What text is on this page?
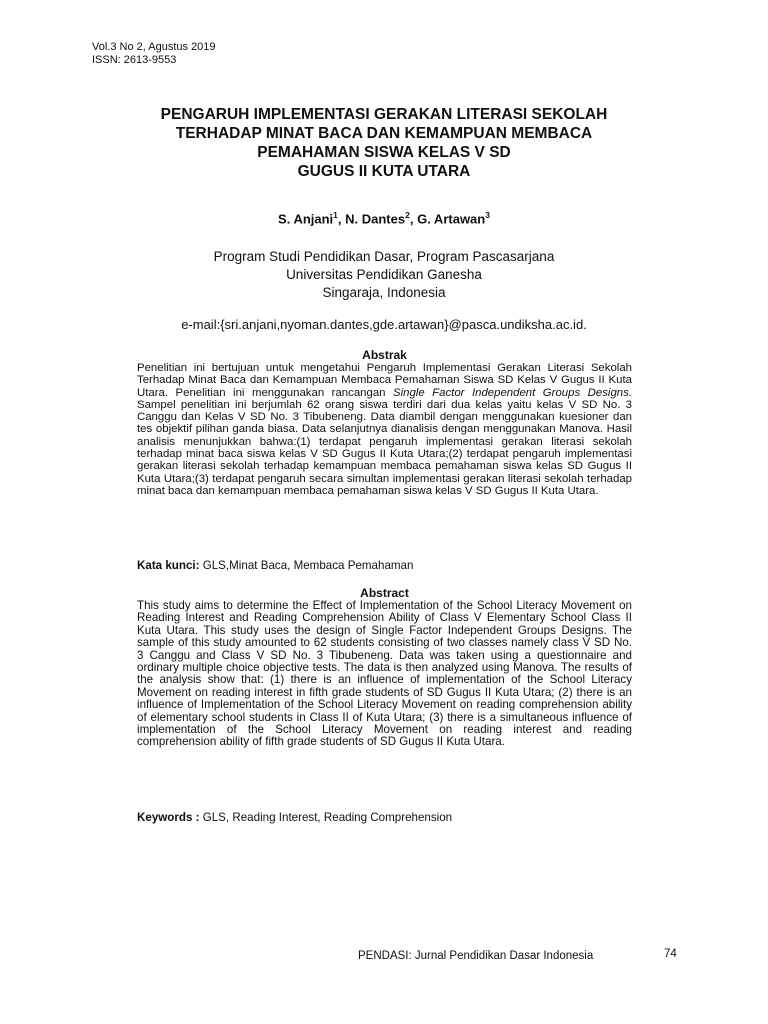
Vol.3 No 2, Agustus 2019
ISSN: 2613-9553
PENGARUH IMPLEMENTASI GERAKAN LITERASI SEKOLAH
TERHADAP MINAT BACA DAN KEMAMPUAN MEMBACA
PEMAHAMAN SISWA KELAS V SD
GUGUS II KUTA UTARA
S. Anjani$^1$, N. Dantes$^2$, G. Artawan$^3$
Program Studi Pendidikan Dasar, Program Pascasarjana
Universitas Pendidikan Ganesha
Singaraja, Indonesia
e-mail:{sri.anjani,nyoman.dantes,gde.artawan}@pasca.undiksha.ac.id.
Abstrak
Penelitian ini bertujuan untuk mengetahui Pengaruh Implementasi Gerakan Literasi Sekolah Terhadap Minat Baca dan Kemampuan Membaca Pemahaman Siswa SD Kelas V Gugus II Kuta Utara. Penelitian ini menggunakan rancangan Single Factor Independent Groups Designs. Sampel penelitian ini berjumlah 62 orang siswa terdiri dari dua kelas yaitu kelas V SD No. 3 Canggu dan Kelas V SD No. 3 Tibubeneng. Data diambil dengan menggunakan kuesioner dan tes objektif pilihan ganda biasa. Data selanjutnya dianalisis dengan menggunakan Manova. Hasil analisis menunjukkan bahwa:(1) terdapat pengaruh implementasi gerakan literasi sekolah terhadap minat baca siswa kelas V SD Gugus II Kuta Utara;(2) terdapat pengaruh implementasi gerakan literasi sekolah terhadap kemampuan membaca pemahaman siswa kelas SD Gugus II Kuta Utara;(3) terdapat pengaruh secara simultan implementasi gerakan literasi sekolah terhadap minat baca dan kemampuan membaca pemahaman siswa kelas V SD Gugus II Kuta Utara.
Kata kunci: GLS,Minat Baca, Membaca Pemahaman
Abstract
This study aims to determine the Effect of Implementation of the School Literacy Movement on Reading Interest and Reading Comprehension Ability of Class V Elementary School Class II Kuta Utara. This study uses the design of Single Factor Independent Groups Designs. The sample of this study amounted to 62 students consisting of two classes namely class V SD No. 3 Canggu and Class V SD No. 3 Tibubeneng. Data was taken using a questionnaire and ordinary multiple choice objective tests. The data is then analyzed using Manova. The results of the analysis show that: (1) there is an influence of implementation of the School Literacy Movement on reading interest in fifth grade students of SD Gugus II Kuta Utara; (2) there is an influence of Implementation of the School Literacy Movement on reading comprehension ability of elementary school students in Class II of Kuta Utara; (3) there is a simultaneous influence of implementation of the School Literacy Movement on reading interest and reading comprehension ability of fifth grade students of SD Gugus II Kuta Utara.
Keywords : GLS, Reading Interest, Reading Comprehension
PENDASI: Jurnal Pendidikan Dasar Indonesia	74
